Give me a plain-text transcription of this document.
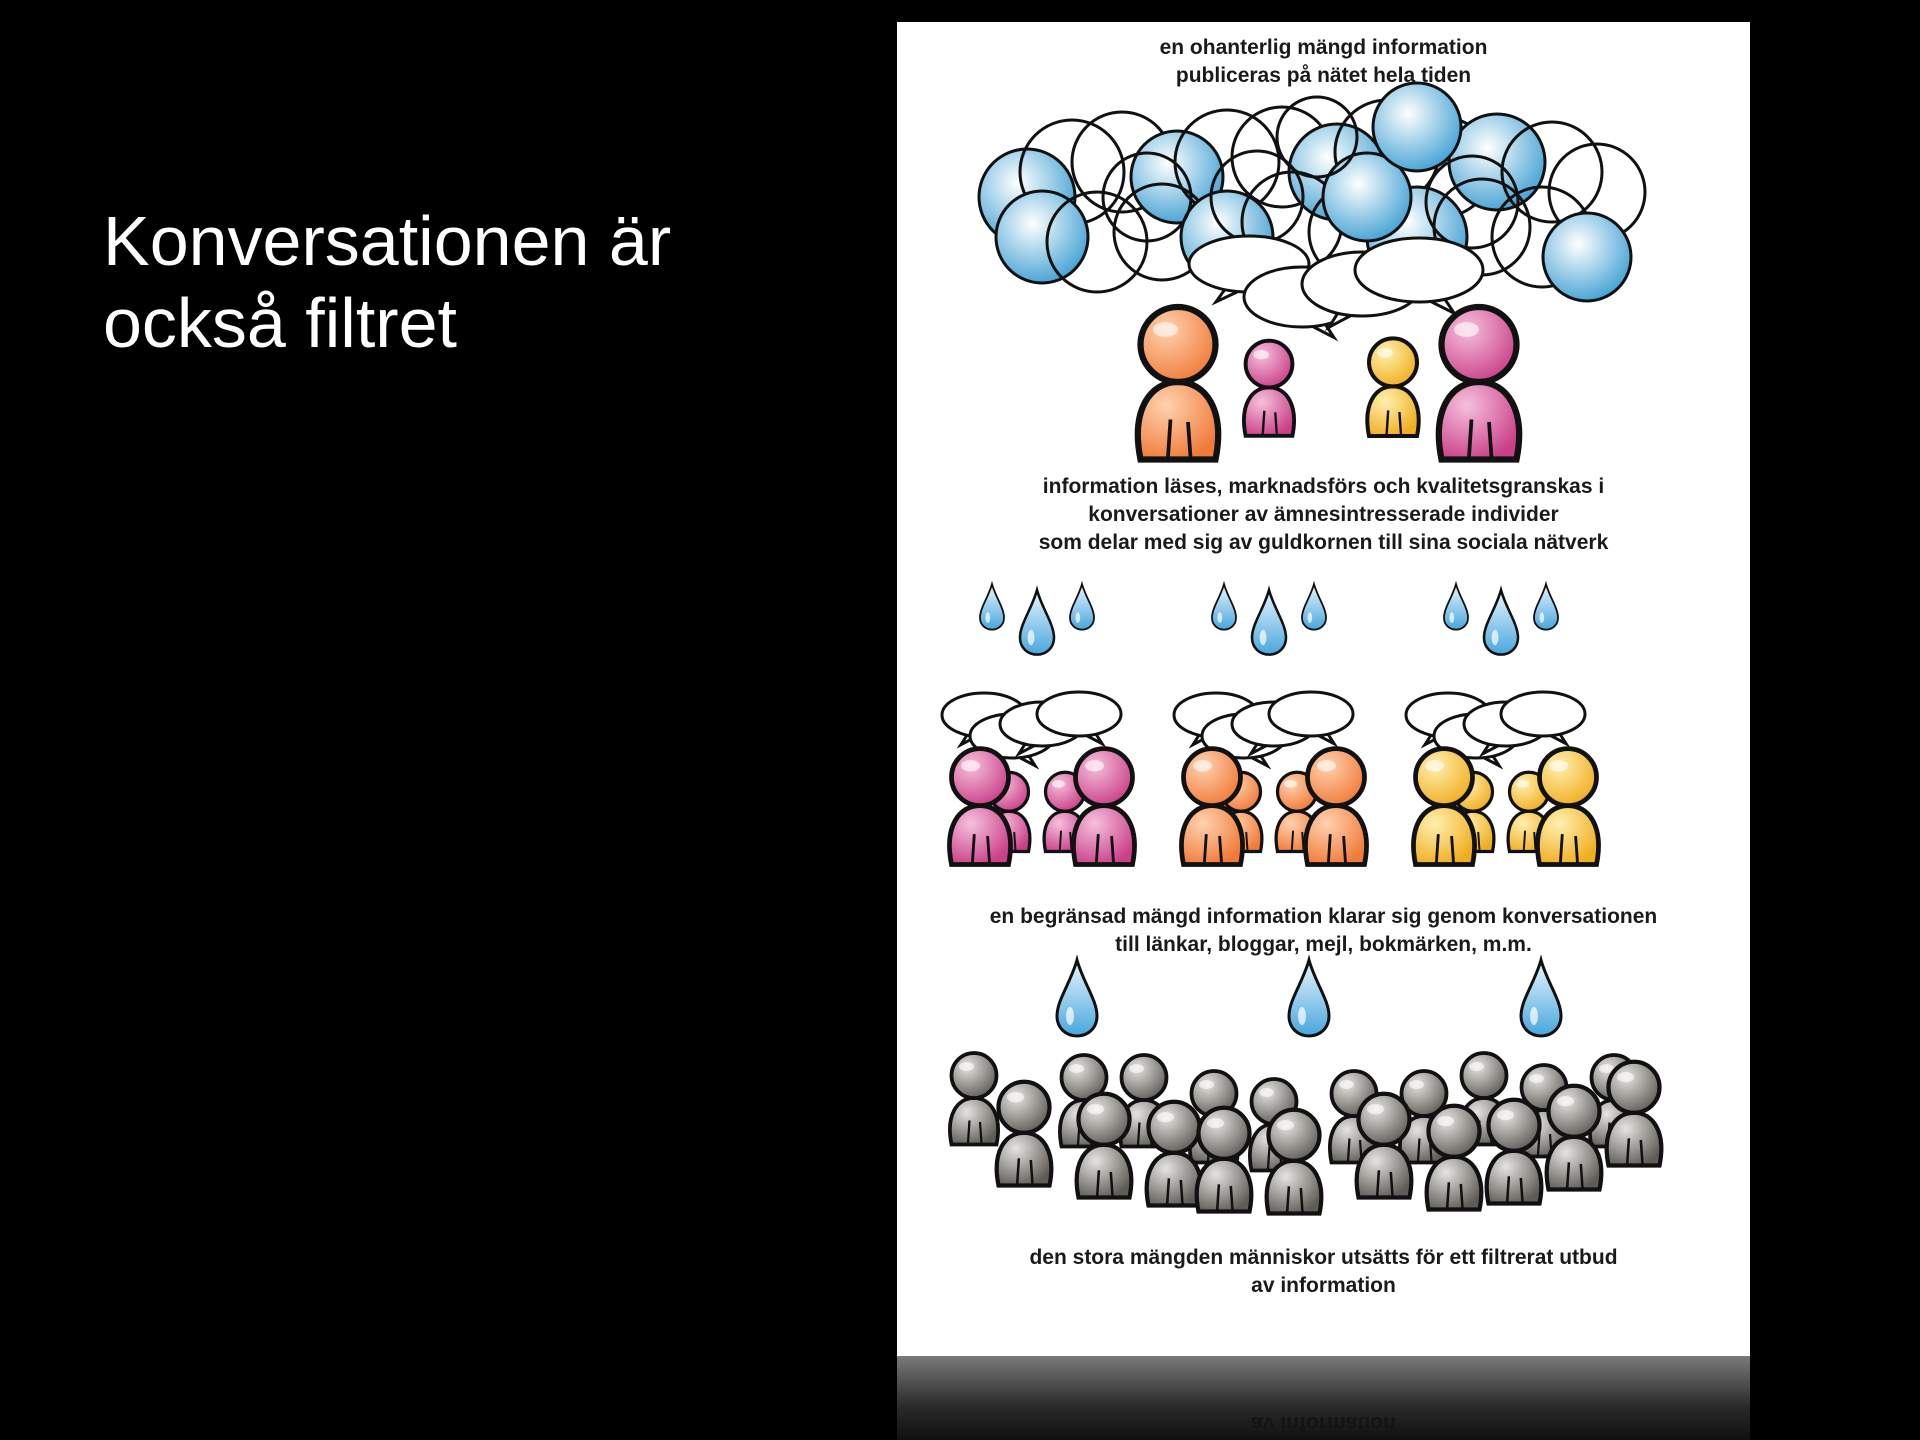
Konversationen är
också filtret
en ohanterlig mängd information
publiceras på nätet hela tiden
information läses, marknadsförs och kvalitetsgranskas i
konversationer av ämnesintresserade individer
som delar med sig av guldkornen till sina sociala nätverk
en begränsad mängd information klarar sig genom konversationen
till länkar, bloggar, mejl, bokmärken, m.m.
den stora mängden människor utsätts för ett filtrerat utbud
av information
av information
